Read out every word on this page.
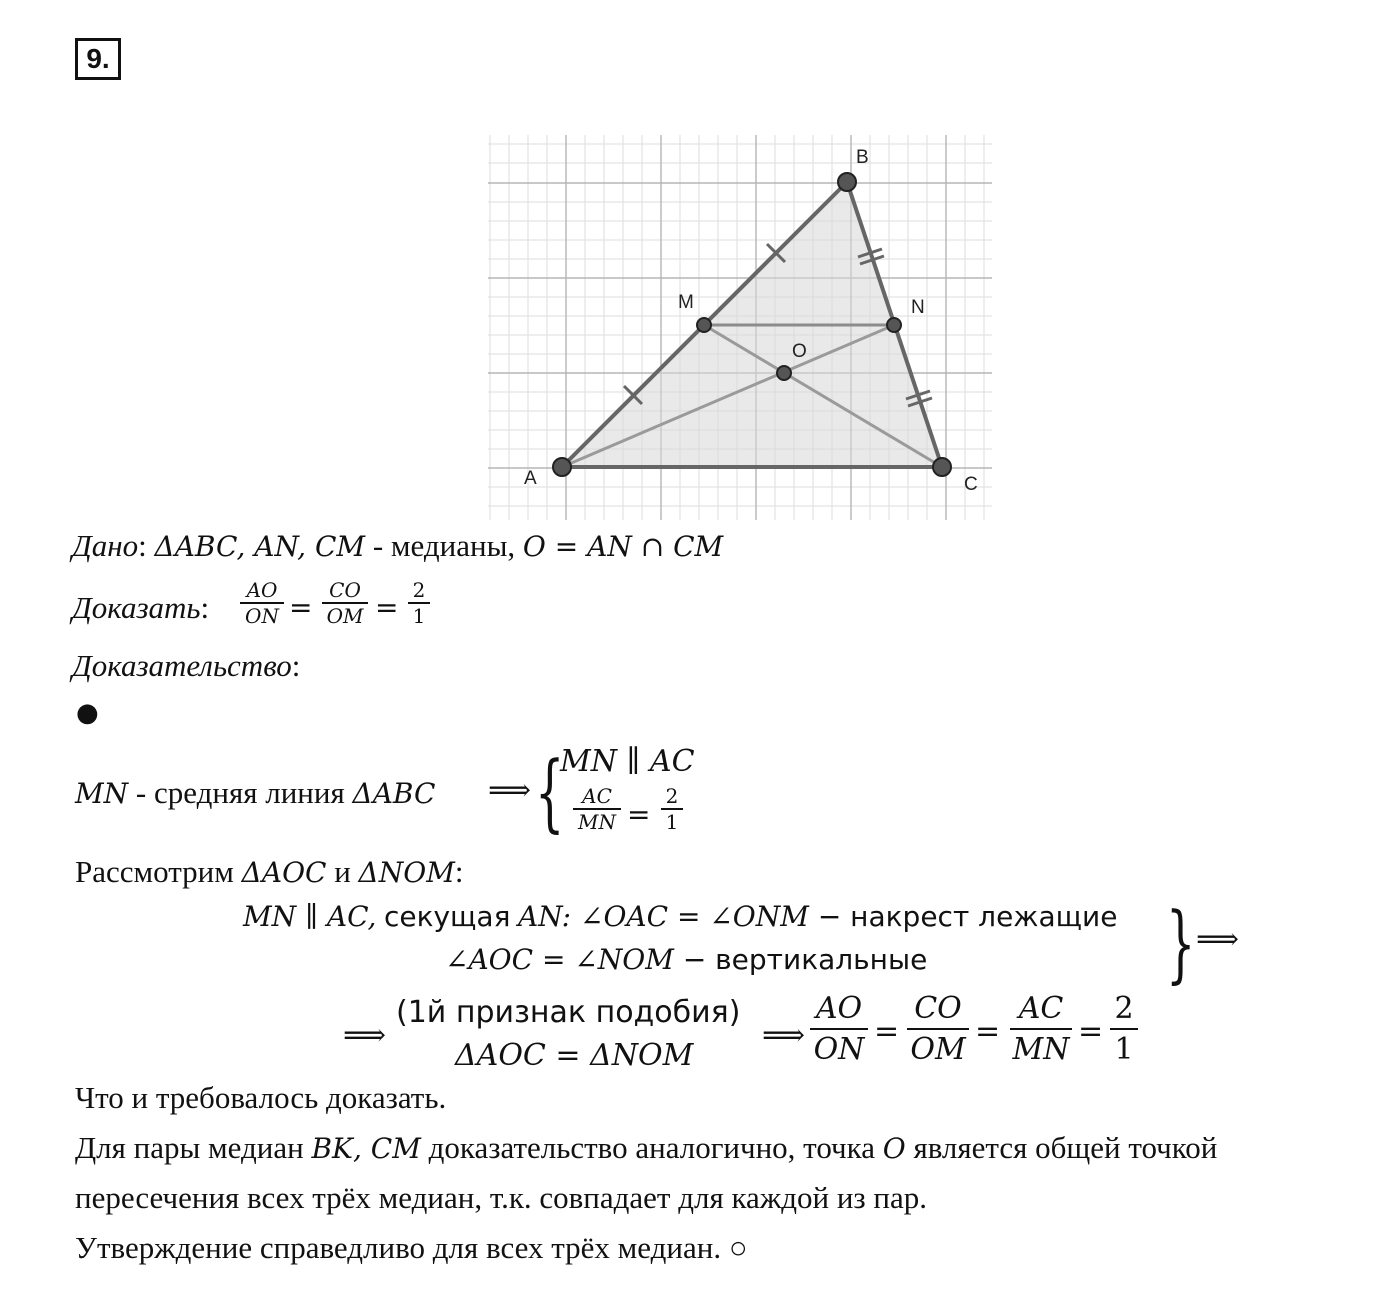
9.
A
B
C
M	N
O
Дано: ΔABC, AN, CM - медианы, O = AN ∩ CM
Доказать:	AO
ON =
CO
OM =
2
1
Доказательство:
●
MN - средняя линия ΔABC ⟹ {
MN ∥ AC
AC
MN =
2
1
Рассмотрим ΔAOC и ΔNOM:
MN ∥ AC, секущая AN: ∠OAC = ∠ONM − накрест лежащие
∠AOC = ∠NOM − вертикальные	} ⟹
⟹
(1й признак подобия)
ΔAOC = ΔNOM
⟹
AO
ON
=
CO
OM
=
AC
MN
=
2
1
Что и требовалось доказать.
Для пары медиан BK, CM доказательство аналогично, точка O является общей точкой
пересечения всех трёх медиан, т.к. совпадает для каждой из пар.
Утверждение справедливо для всех трёх медиан. ○
